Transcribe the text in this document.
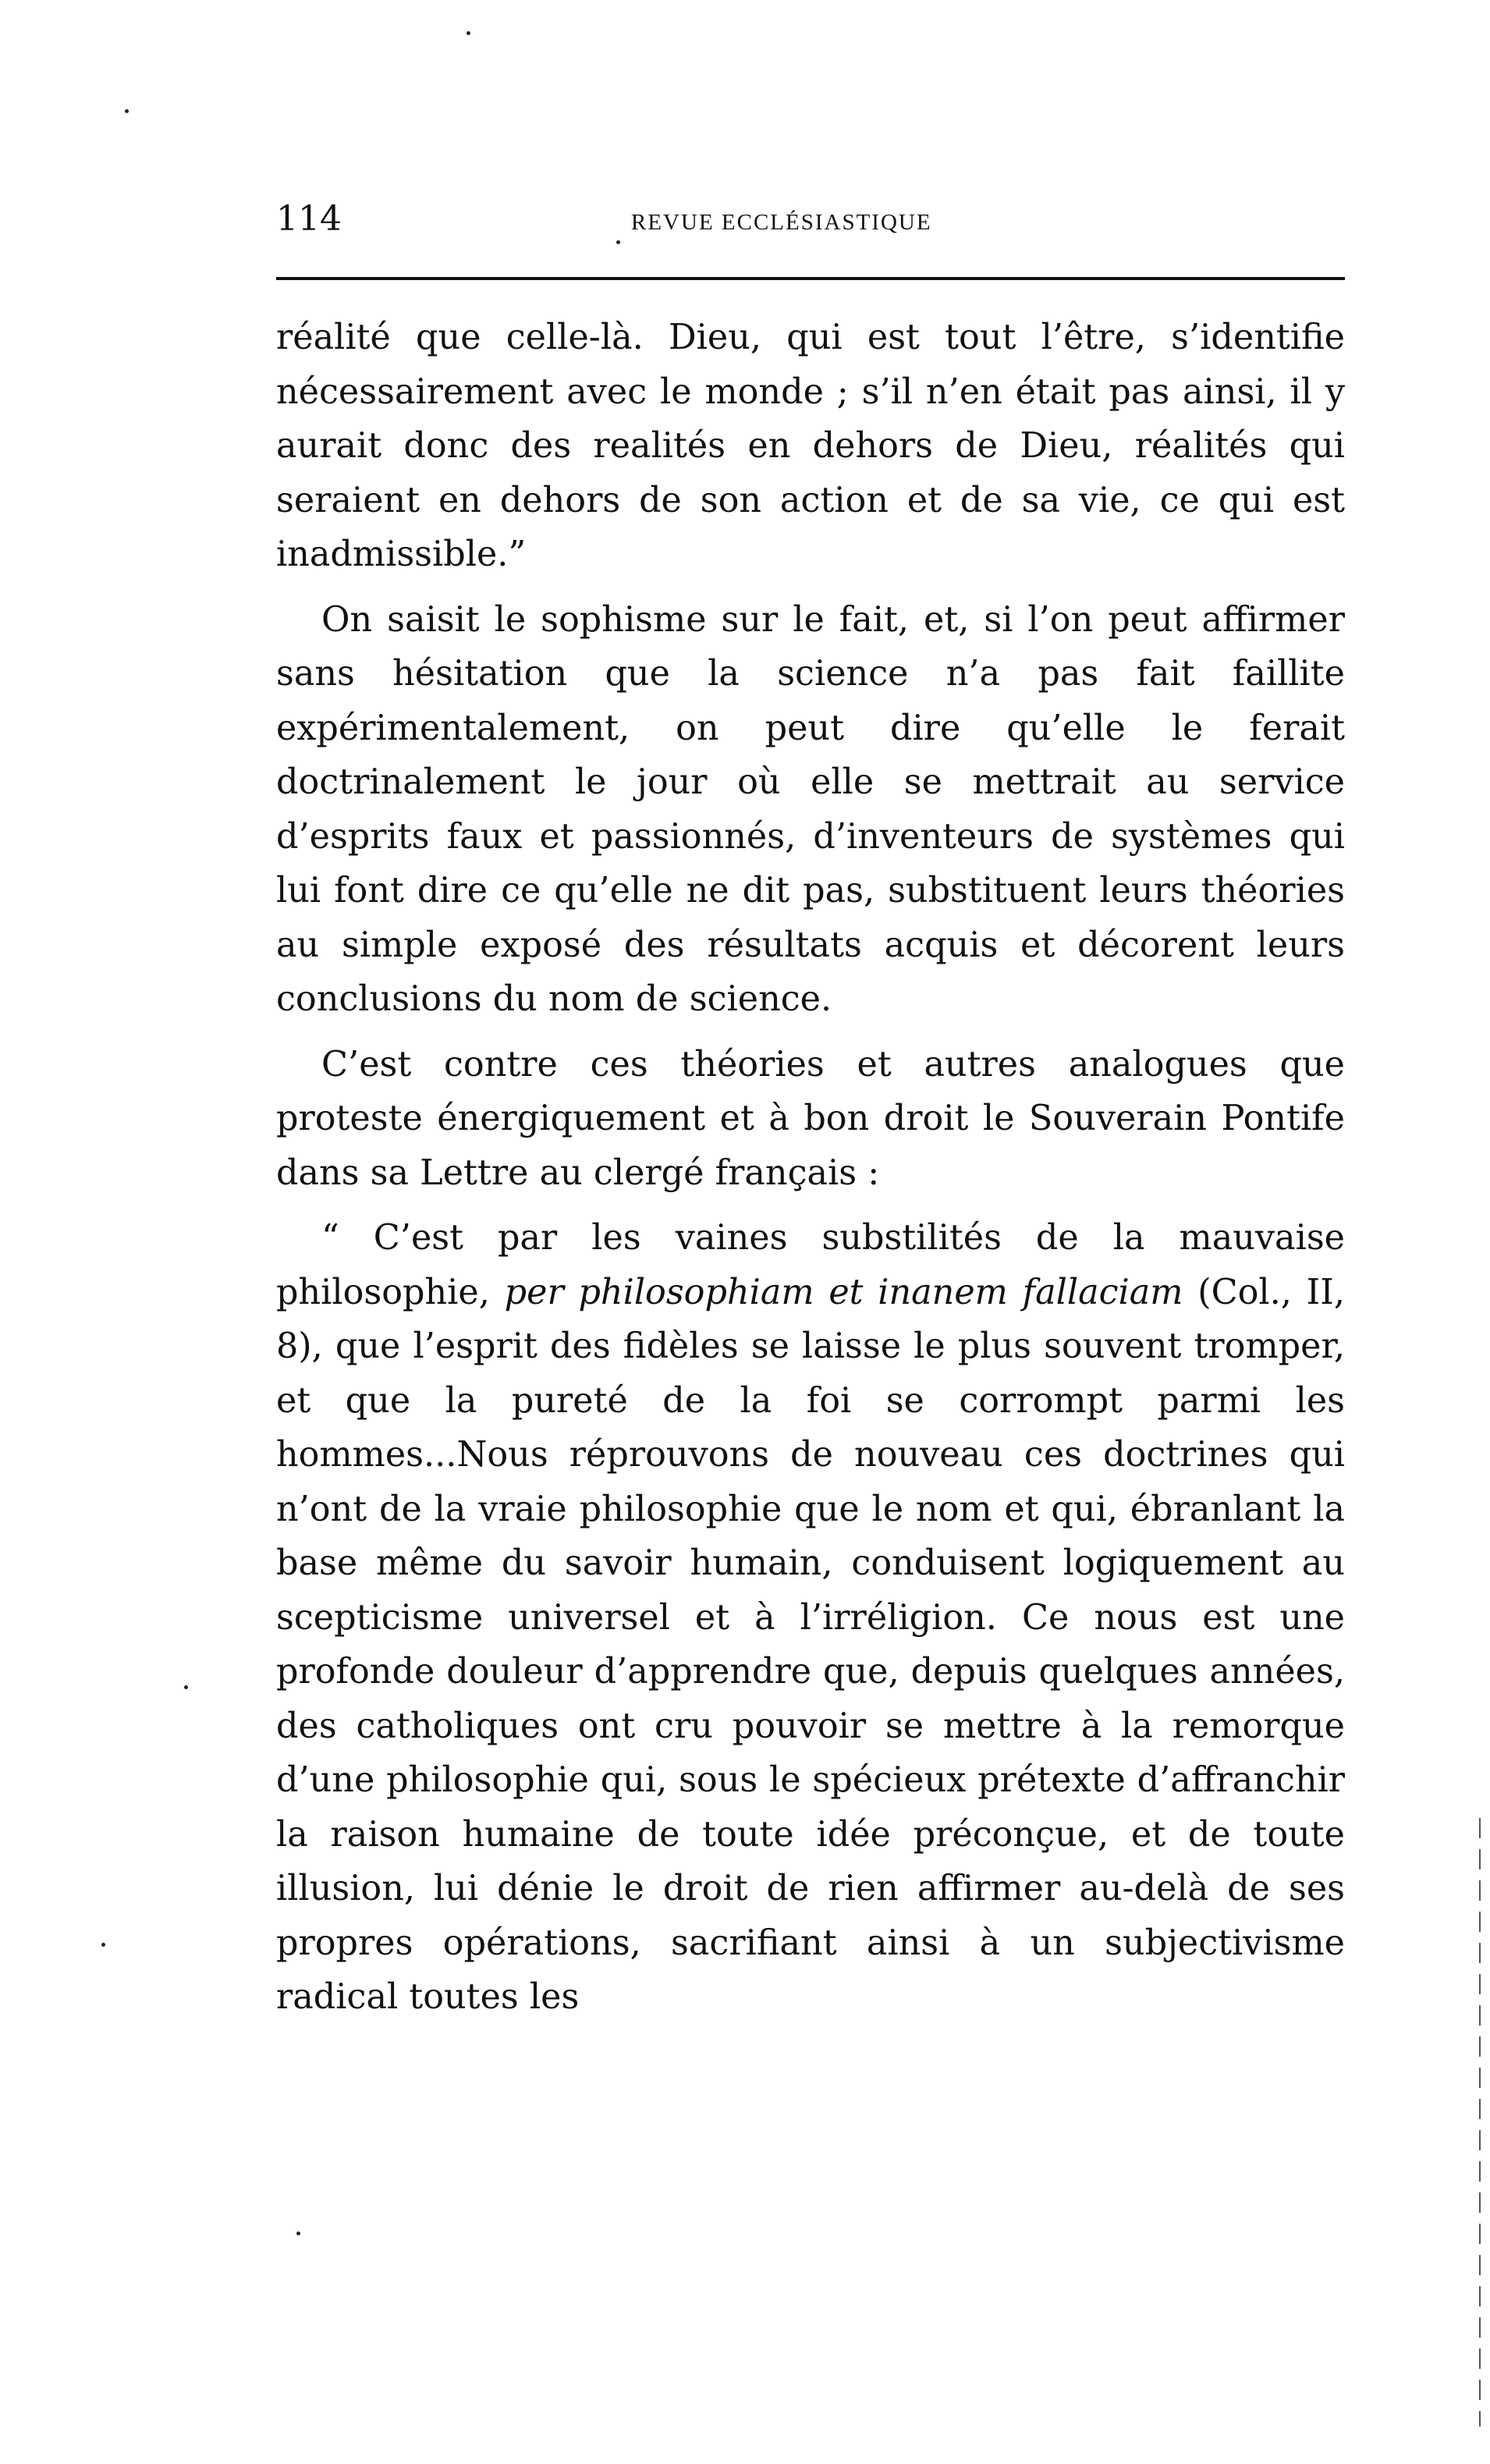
114	REVUE ECCLÉSIASTIQUE

réalité que celle-là. Dieu, qui est tout l’être, s’identifie nécessairement avec le monde ; s’il n’en était pas ainsi, il y aurait donc des realités en dehors de Dieu, réalités qui seraient en dehors de son action et de sa vie, ce qui est inadmissible.”

On saisit le sophisme sur le fait, et, si l’on peut affirmer sans hésitation que la science n’a pas fait faillite expérimentalement, on peut dire qu’elle le ferait doctrinalement le jour où elle se mettrait au service d’esprits faux et passionnés, d’inventeurs de systèmes qui lui font dire ce qu’elle ne dit pas, substituent leurs théories au simple exposé des résultats acquis et décorent leurs conclusions du nom de science.

C’est contre ces théories et autres analogues que proteste énergiquement et à bon droit le Souverain Pontife dans sa Lettre au clergé français :

“ C’est par les vaines substilités de la mauvaise philosophie, per philosophiam et inanem fallaciam (Col., II, 8), que l’esprit des fidèles se laisse le plus souvent tromper, et que la pureté de la foi se corrompt parmi les hommes...Nous réprouvons de nouveau ces doctrines qui n’ont de la vraie philosophie que le nom et qui, ébranlant la base même du savoir humain, conduisent logiquement au scepticisme universel et à l’irréligion. Ce nous est une profonde douleur d’apprendre que, depuis quelques années, des catholiques ont cru pouvoir se mettre à la remorque d’une philosophie qui, sous le spécieux prétexte d’affranchir la raison humaine de toute idée préconçue, et de toute illusion, lui dénie le droit de rien affirmer au-delà de ses propres opérations, sacrifiant ainsi à un subjectivisme radical toutes les
